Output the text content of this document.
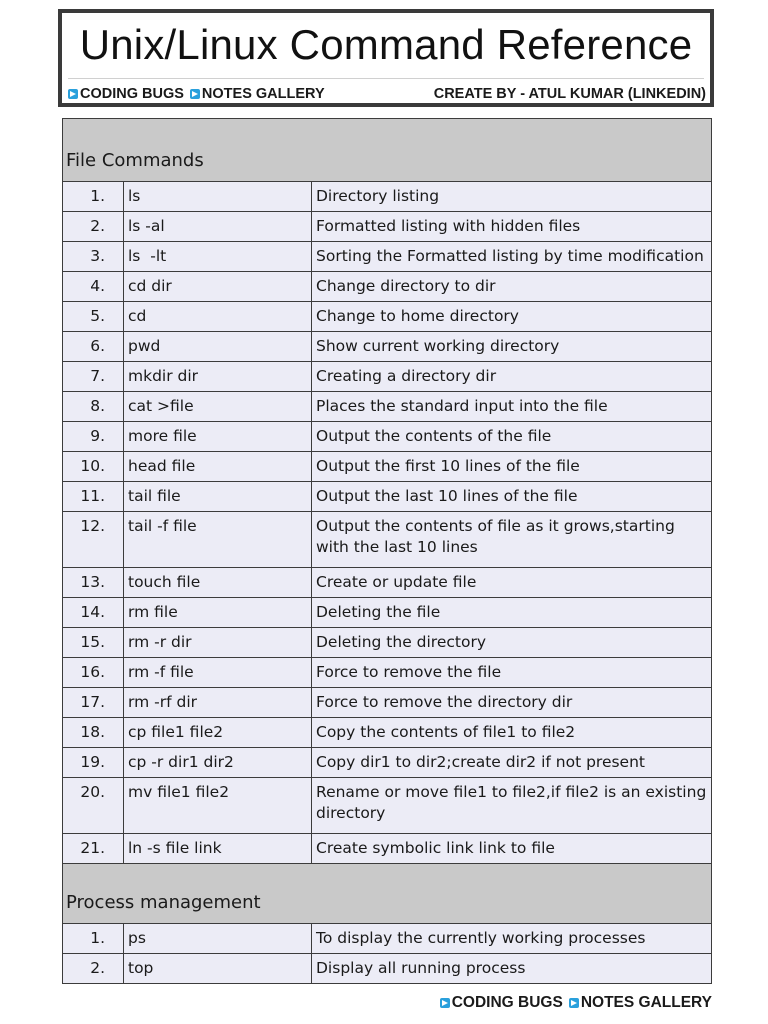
Unix/Linux Command Reference
CODING BUGS NOTES GALLERY	CREATE BY - ATUL KUMAR (LINKEDIN)
File Commands		
1.	ls	Directory listing
2.	ls -al	Formatted listing with hidden files
3.	ls  -lt	Sorting the Formatted listing by time modification
4.	cd dir	Change directory to dir
5.	cd	Change to home directory
6.	pwd	Show current working directory
7.	mkdir dir	Creating a directory dir
8.	cat >file	Places the standard input into the file
9.	more file	Output the contents of the file
10.	head file	Output the first 10 lines of the file
11.	tail file	Output the last 10 lines of the file
12.	tail -f file	Output the contents of file as it grows,starting with the last 10 lines
13.	touch file	Create or update file
14.	rm file	Deleting the file
15.	rm -r dir	Deleting the directory
16.	rm -f file	Force to remove the file
17.	rm -rf dir	Force to remove the directory dir
18.	cp file1 file2	Copy the contents of file1 to file2
19.	cp -r dir1 dir2	Copy dir1 to dir2;create dir2 if not present
20.	mv file1 file2	Rename or move file1 to file2,if file2 is an existing directory
21.	ln -s file link	Create symbolic link link to file
Process management		
1.	ps	To display the currently working processes
2.	top	Display all running process
CODING BUGS NOTES GALLERY
